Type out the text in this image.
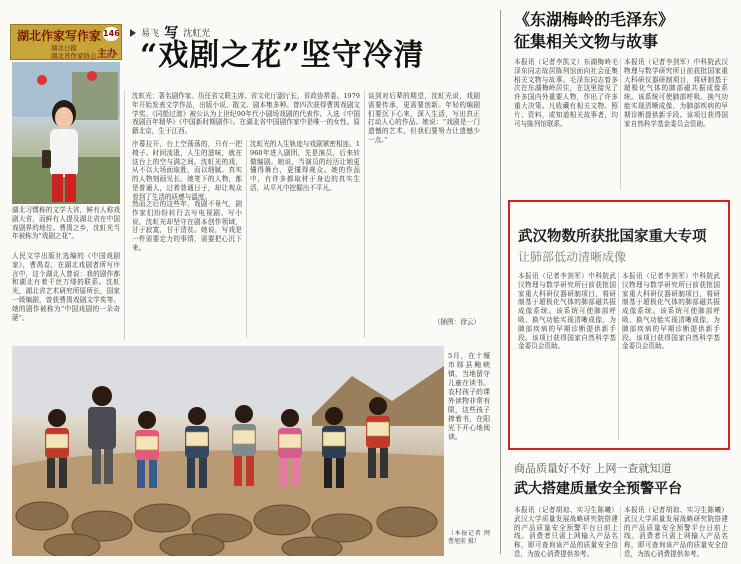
湖北作家写作家 146
湖北日报
湖北省作家协会 主办
易飞 写 沈虹光
“戏剧之花”坚守冷清
湖北习惯称的文学大省，鲜有人称戏剧大省，而鲜有人提及湖北省在中国戏剧界的地位。曹禺之乡，沈虹光当年被称为“戏剧之花”。
人民文学出版社选编的《中国戏剧家》，曹禺卷，在湖北戏剧者所写序言中，这个湖北人曾说：我的剧作都和湖北有着千丝万缕的联系。沈虹光，湖北省艺术研究所原所长，国家一级编剧，曾获曹禺戏剧文学奖等。她的剧作被称为“中国戏剧的一朵奇葩”。
沈虹光：著名剧作家、历任省文联主席、省文化厅副厅长、省政协常委。1979年开始发表文学作品，出版小说、散文、剧本集多种。曾四次获得曹禺戏剧文学奖、《同船过渡》被公认为上世纪90年代小剧场戏剧的代表作。入选《中国戏剧百年精华》《中国新时期剧作》。在湖北省中国剧作家中是唯一的女性。原籍北京，生于江西。
序幕拉开，台上空荡荡的，只有一把椅子。时间流逝，人生的滋味，就在这台上的空与满之间。沈虹光的戏，从不以大场面取胜，而以细腻、真实的人物刻画见长。她笔下的人物，都是普通人，过着普通日子，却让观众看到了生活的质感与温度。
然而之后的这些年，戏剧不景气，剧作家们纷纷转行去写电视剧、写小说，沈虹光却坚守在剧本创作领域，甘于寂寞，甘于清贫。她说，写戏是一件需要定力的事情，需要把心沉下来。
沈虹光的人生轨迹与戏剧紧密相连。1960年进入剧团，先是演员，后来转做编剧。她说，当演员的经历让她更懂得舞台，更懂得观众。她的作品中，有许多都取材于身边的真实生活，从平凡中挖掘出不平凡。
谈到对后辈的期望，沈虹光说，戏剧需要传承，更需要创新。年轻的编剧们要沉下心来，深入生活，写出真正打动人心的作品。她说：“戏剧是一门遗憾的艺术，但我们要努力让遗憾少一点。”
（插图：徐云）
5月，在十堰市郧县鲍峡镇，当地留守儿童在读书。农村孩子的课外读物非常有限，这些孩子捧着书，在阳光下开心地阅读。
（本报记者 网 曹旭宏 摄）
《东湖梅岭的毛泽东》
征集相关文物与故事
本报讯（记者李凯文）东湖梅岭毛泽东同志故居陈列馆面向社会征集相关文物与故事。毛泽东同志曾多次在东湖梅岭居住，在这里接见了许多国内外重要人物，作出了许多重大决策。凡收藏有相关文物、照片、资料，或知道相关故事者，均可与陈列馆联系。
本报讯（记者李剑军）中科院武汉物理与数学研究所日前获批国家重大科研仪器研制项目，将研制基于超极化气体的肺部磁共振成像系统。该系统可使肺部呼吸、换气功能实现清晰成像，为肺部疾病的早期诊断提供新手段。该项目获得国家自然科学基金委员会资助。
武汉物数所获批国家重大专项
让肺部低动清晰成像
本报讯（记者李剑军）中科院武汉物理与数学研究所日前获批国家重大科研仪器研制项目，将研制基于超极化气体的肺部磁共振成像系统。该系统可使肺部呼吸、换气功能实现清晰成像，为肺部疾病的早期诊断提供新手段。该项目获得国家自然科学基金委员会资助。
本报讯（记者李剑军）中科院武汉物理与数学研究所日前获批国家重大科研仪器研制项目，将研制基于超极化气体的肺部磁共振成像系统。该系统可使肺部呼吸、换气功能实现清晰成像，为肺部疾病的早期诊断提供新手段。该项目获得国家自然科学基金委员会资助。
商品质量好不好 上网一查就知道
武大搭建质量安全预警平台
本报讯（记者胡琼、实习生陈曦）武汉大学质量发展战略研究院搭建的产品质量安全预警平台日前上线。消费者只需上网输入产品名称，即可查询该产品的质量安全信息，为放心消费提供参考。
本报讯（记者胡琼、实习生陈曦）武汉大学质量发展战略研究院搭建的产品质量安全预警平台日前上线。消费者只需上网输入产品名称，即可查询该产品的质量安全信息，为放心消费提供参考。
